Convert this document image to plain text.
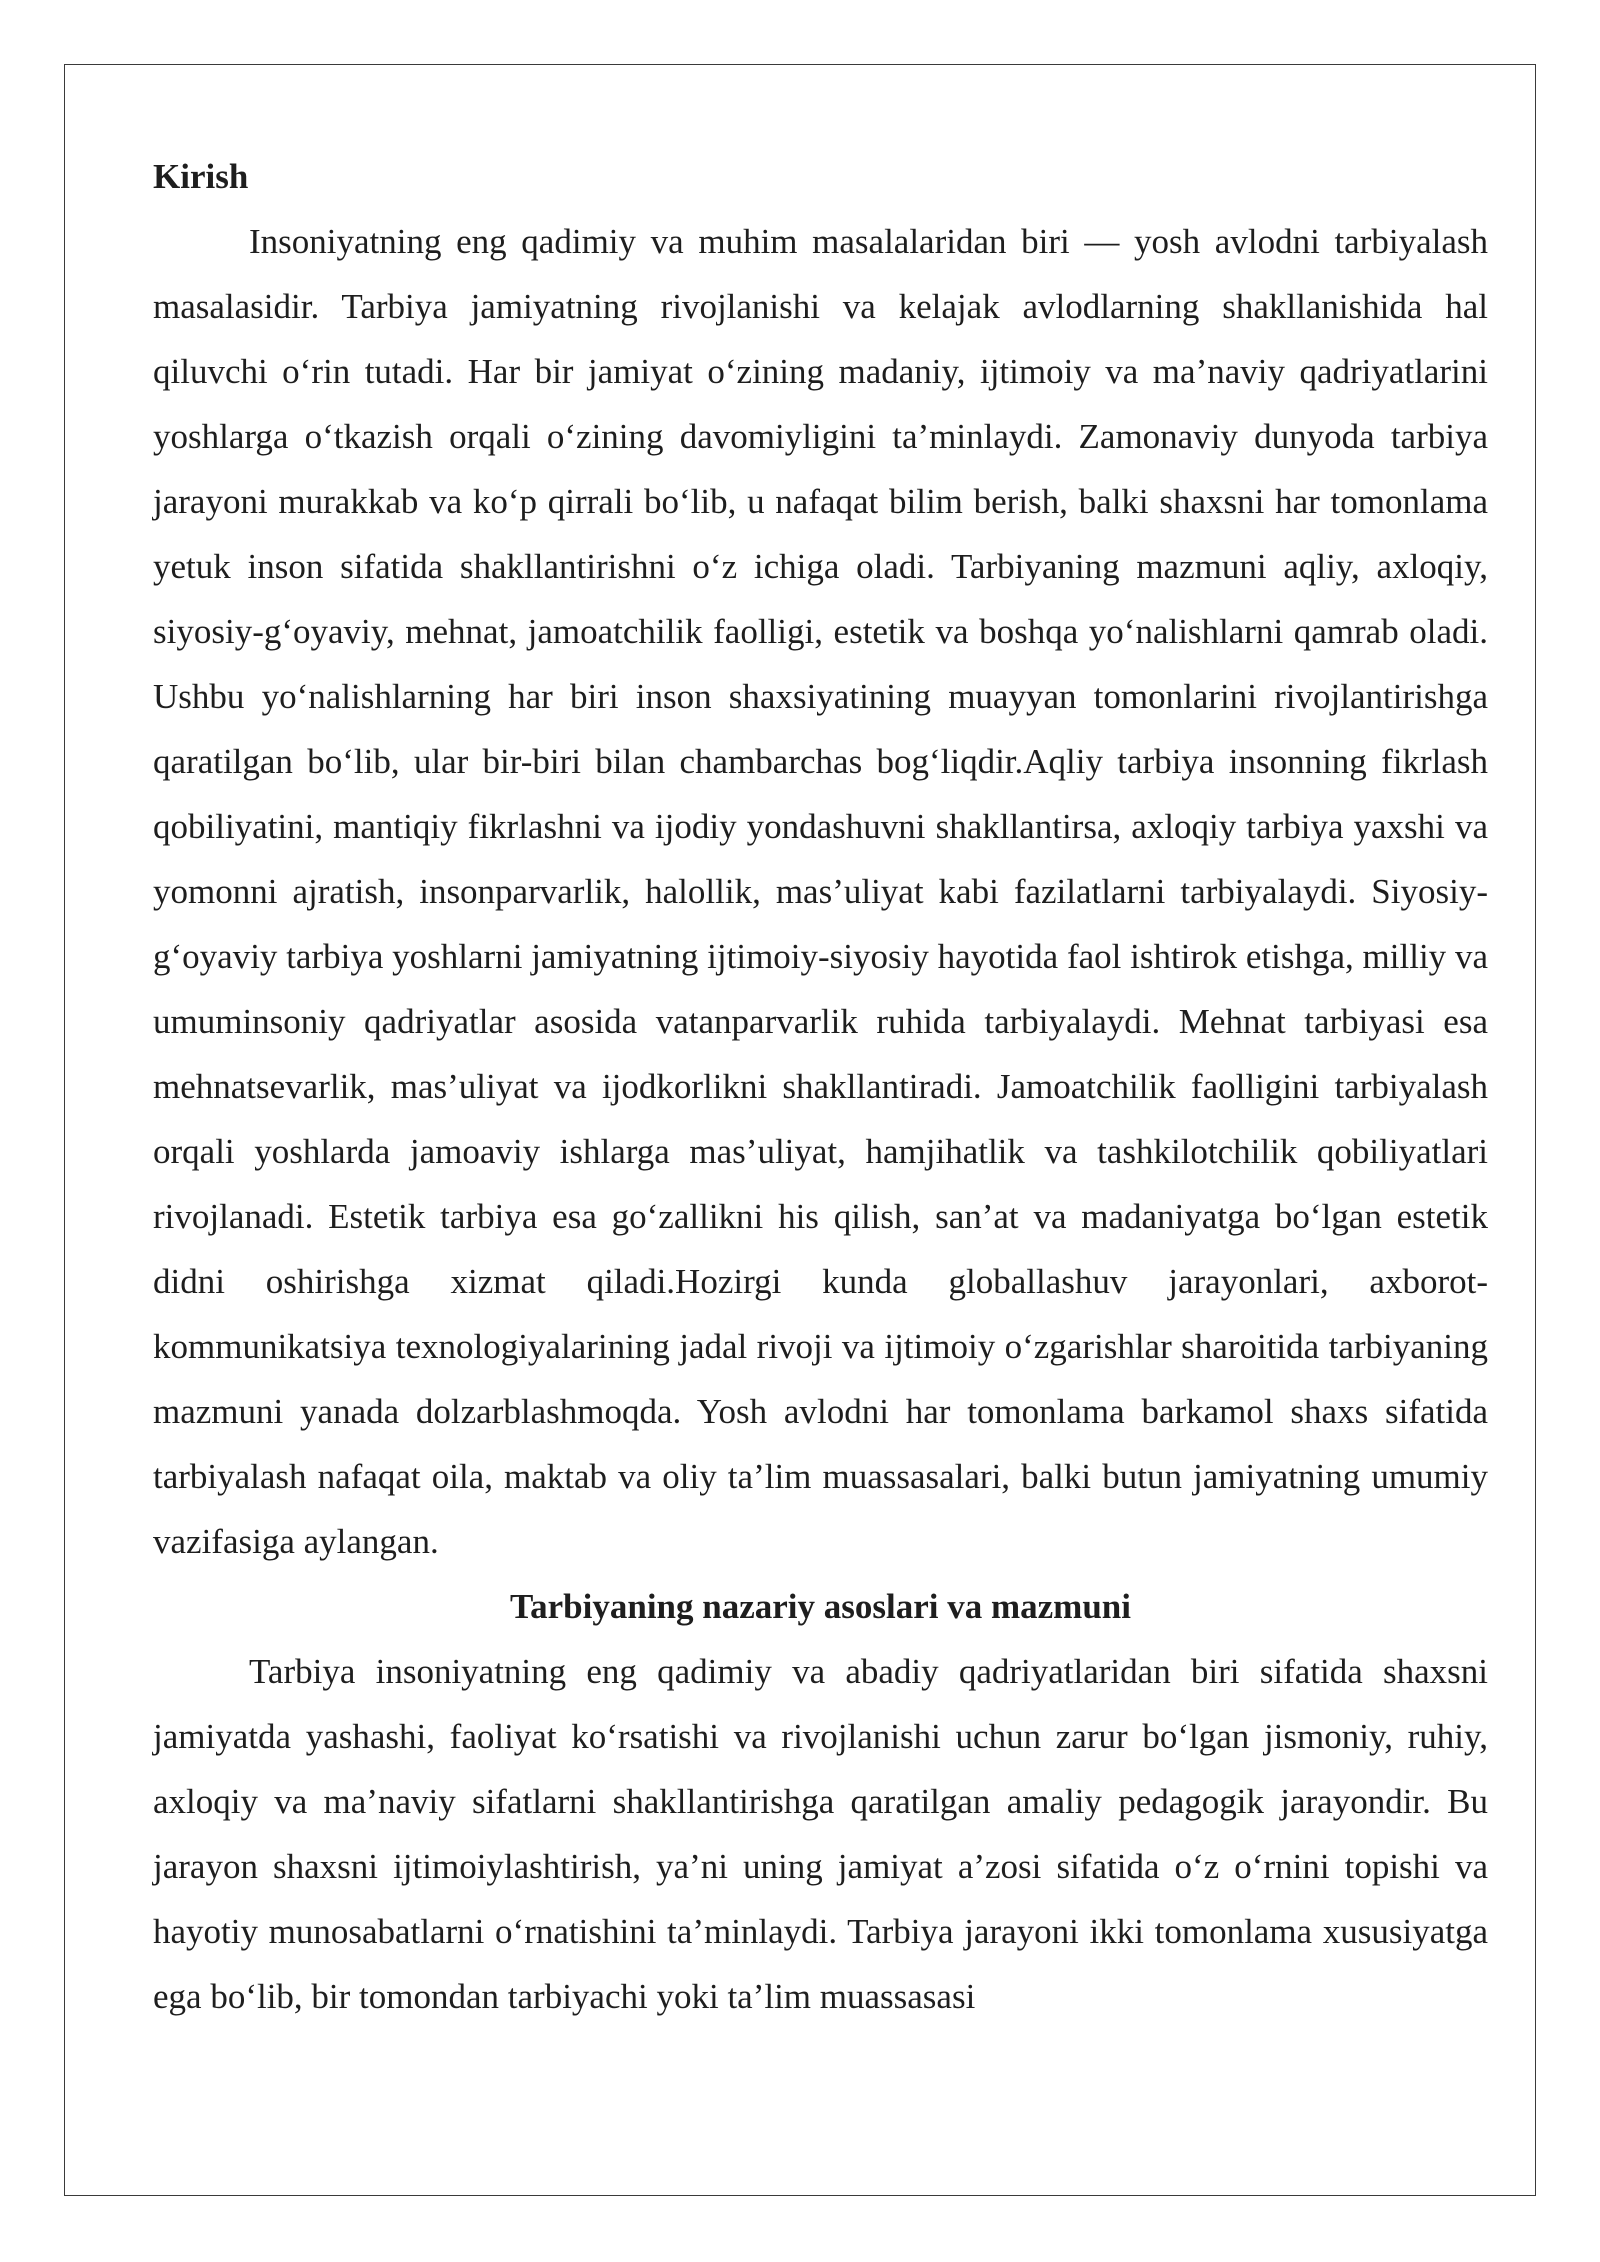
Kirish

Insoniyatning eng qadimiy va muhim masalalaridan biri — yosh avlodni tarbiyalash masalasidir. Tarbiya jamiyatning rivojlanishi va kelajak avlodlarning shakllanishida hal qiluvchi o‘rin tutadi. Har bir jamiyat o‘zining madaniy, ijtimoiy va ma’naviy qadriyatlarini yoshlarga o‘tkazish orqali o‘zining davomiyligini ta’minlaydi. Zamonaviy dunyoda tarbiya jarayoni murakkab va ko‘p qirrali bo‘lib, u nafaqat bilim berish, balki shaxsni har tomonlama yetuk inson sifatida shakllantirishni o‘z ichiga oladi. Tarbiyaning mazmuni aqliy, axloqiy, siyosiy-g‘oyaviy, mehnat, jamoatchilik faolligi, estetik va boshqa yo‘nalishlarni qamrab oladi. Ushbu yo‘nalishlarning har biri inson shaxsiyatining muayyan tomonlarini rivojlantirishga qaratilgan bo‘lib, ular bir-biri bilan chambarchas bog‘liqdir.Aqliy tarbiya insonning fikrlash qobiliyatini, mantiqiy fikrlashni va ijodiy yondashuvni shakllantirsa, axloqiy tarbiya yaxshi va yomonni ajratish, insonparvarlik, halollik, mas’uliyat kabi fazilatlarni tarbiyalaydi. Siyosiy-g‘oyaviy tarbiya yoshlarni jamiyatning ijtimoiy-siyosiy hayotida faol ishtirok etishga, milliy va umuminsoniy qadriyatlar asosida vatanparvarlik ruhida tarbiyalaydi. Mehnat tarbiyasi esa mehnatsevarlik, mas’uliyat va ijodkorlikni shakllantiradi. Jamoatchilik faolligini tarbiyalash orqali yoshlarda jamoaviy ishlarga mas’uliyat, hamjihatlik va tashkilotchilik qobiliyatlari rivojlanadi. Estetik tarbiya esa go‘zallikni his qilish, san’at va madaniyatga bo‘lgan estetik didni oshirishga xizmat qiladi.Hozirgi kunda globallashuv jarayonlari, axborot-kommunikatsiya texnologiyalarining jadal rivoji va ijtimoiy o‘zgarishlar sharoitida tarbiyaning mazmuni yanada dolzarblashmoqda. Yosh avlodni har tomonlama barkamol shaxs sifatida tarbiyalash nafaqat oila, maktab va oliy ta’lim muassasalari, balki butun jamiyatning umumiy vazifasiga aylangan.

Tarbiyaning nazariy asoslari va mazmuni

Tarbiya insoniyatning eng qadimiy va abadiy qadriyatlaridan biri sifatida shaxsni jamiyatda yashashi, faoliyat ko‘rsatishi va rivojlanishi uchun zarur bo‘lgan jismoniy, ruhiy, axloqiy va ma’naviy sifatlarni shakllantirishga qaratilgan amaliy pedagogik jarayondir. Bu jarayon shaxsni ijtimoiylashtirish, ya’ni uning jamiyat a’zosi sifatida o‘z o‘rnini topishi va hayotiy munosabatlarni o‘rnatishini ta’minlaydi. Tarbiya jarayoni ikki tomonlama xususiyatga ega bo‘lib, bir tomondan tarbiyachi yoki ta’lim muassasasi
